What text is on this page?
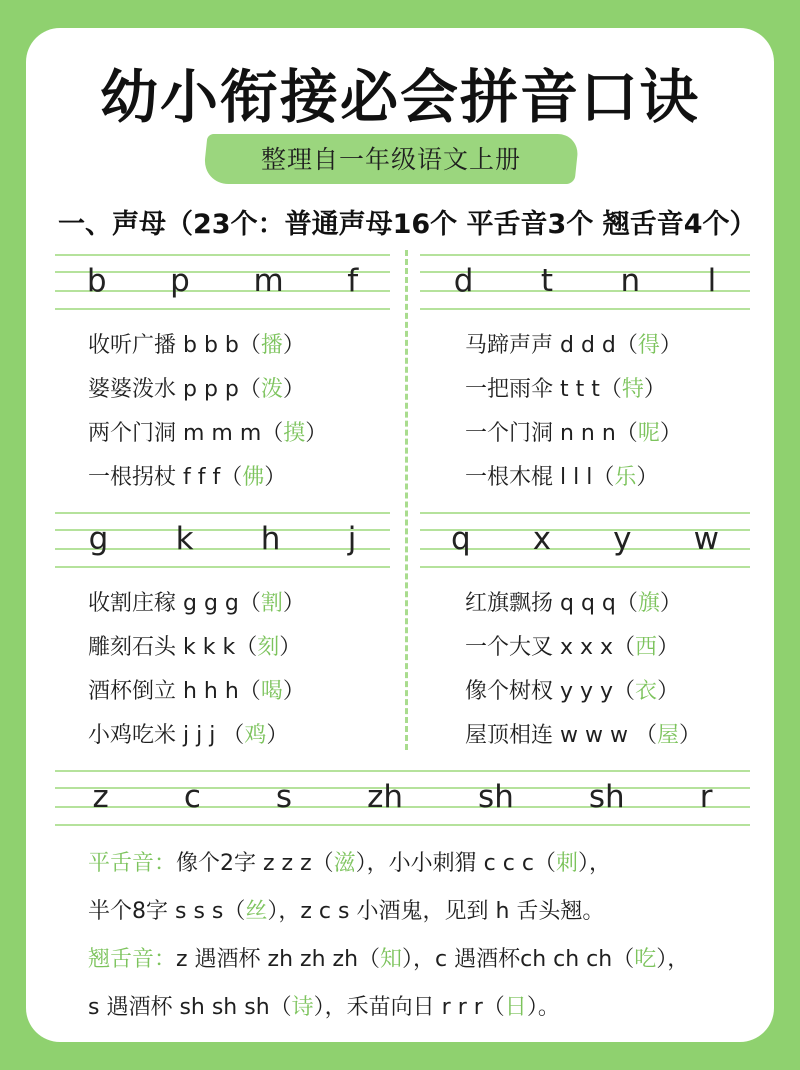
幼小衔接必会拼音口诀
整理自一年级语文上册
一、声母（23个：普通声母16个 平舌音3个 翘舌音4个）
b p m f	d t n l
收听广播 b b b（播）
婆婆泼水 p p p（泼）
两个门洞 m m m（摸）
一根拐杖 f f f（佛）
马蹄声声 d d d（得）
一把雨伞 t t t（特）
一个门洞 n n n（呢）
一根木棍 l l l（乐）
g k h j	q x y w
收割庄稼 g g g（割）
雕刻石头 k k k（刻）
酒杯倒立 h h h（喝）
小鸡吃米 j j j （鸡）
红旗飘扬 q q q（旗）
一个大叉 x x x（西）
像个树杈 y y y（衣）
屋顶相连 w w w （屋）
z c s zh sh sh r
平舌音：像个2字 z z z（滋），小小刺猬 c c c（刺），
半个8字 s s s（丝），z c s 小酒鬼，见到 h 舌头翘。
翘舌音：z 遇酒杯 zh zh zh（知），c 遇酒杯ch ch ch（吃），
s 遇酒杯 sh sh sh（诗），禾苗向日 r r r（日）。
